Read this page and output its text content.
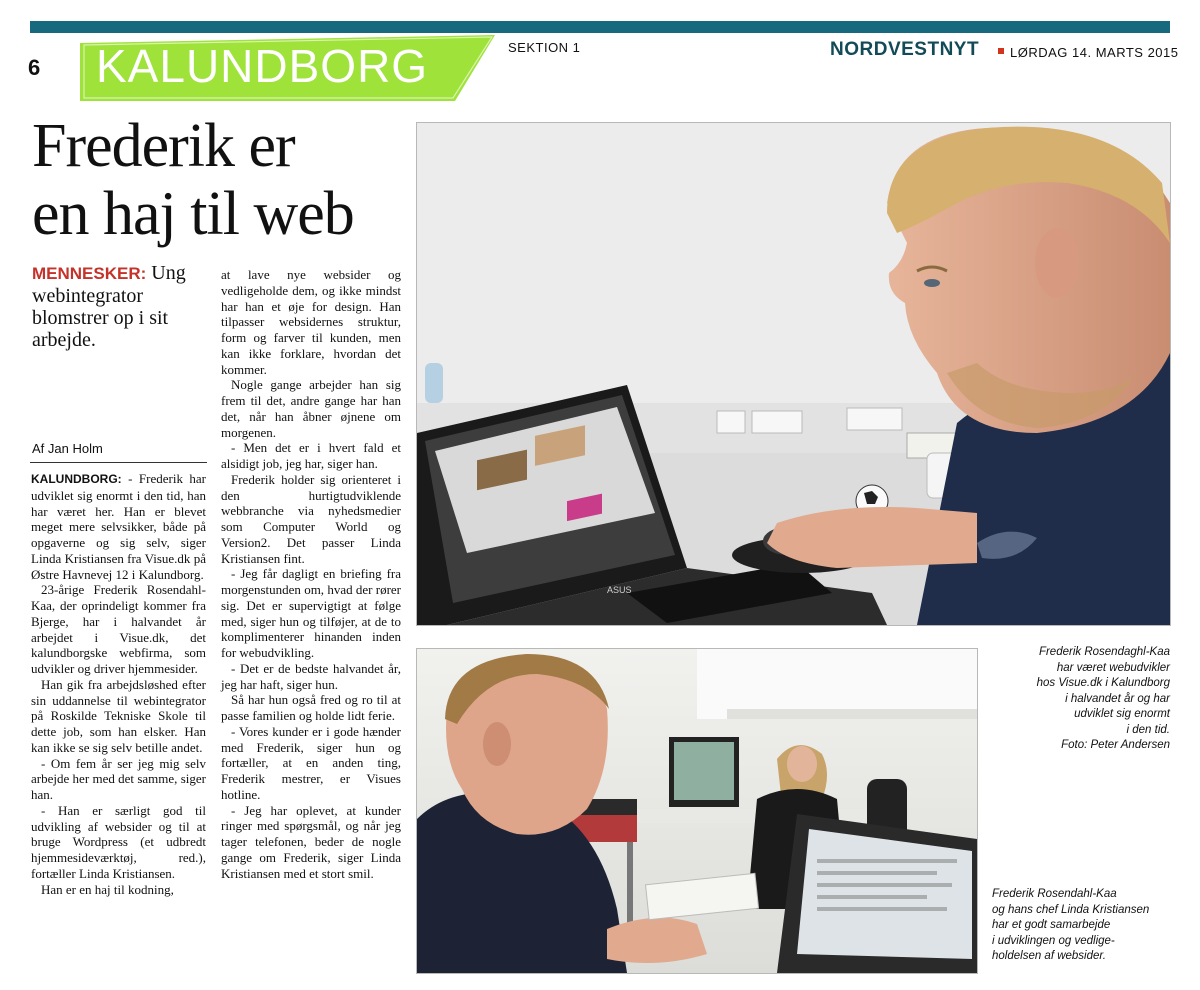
6 KALUNDBORG	SEKTION 1	NORDVESTNYT LØRDAG 14. MARTS 2015
Frederik er
en haj til web
MENNESKER: Ung webintegrator blomstrer op i sit arbejde.
Af Jan Holm

KALUNDBORG: - Frederik har udviklet sig enormt i den tid, han har været her. Han er blevet meget mere selvsikker, både på opgaverne og sig selv, siger Linda Kristiansen fra Visue.dk på Østre Havnevej 12 i Kalundborg.

23-årige Frederik Rosendahl-Kaa, der oprindeligt kommer fra Bjerge, har i halvandet år arbejdet i Visue.dk, det kalundborgske webfirma, som udvikler og driver hjemmesider.

Han gik fra arbejdsløshed efter sin uddannelse til webintegrator på Roskilde Tekniske Skole til dette job, som han elsker. Han kan ikke se sig selv betille andet.

- Om fem år ser jeg mig selv arbejde her med det samme, siger han.

- Han er særligt god til udvikling af websider og til at bruge Wordpress (et udbredt hjemmesideværktøj, red.), fortæller Linda Kristiansen.

Han er en haj til kodning,

at lave nye websider og vedligeholde dem, og ikke mindst har han et øje for design. Han tilpasser websidernes struktur, form og farver til kunden, men kan ikke forklare, hvordan det kommer.

Nogle gange arbejder han sig frem til det, andre gange har han det, når han åbner øjnene om morgenen.

- Men det er i hvert fald et alsidigt job, jeg har, siger han.

Frederik holder sig orienteret i den hurtigtudviklende webbranche via nyhedsmedier som Computer World og Version2. Det passer Linda Kristiansen fint.

- Jeg får dagligt en briefing fra morgenstunden om, hvad der rører sig. Det er supervigtigt at følge med, siger hun og tilføjer, at de to komplimenterer hinanden inden for webudvikling.

- Det er de bedste halvandet år, jeg har haft, siger hun.

Så har hun også fred og ro til at passe familien og holde lidt ferie.

- Vores kunder er i gode hænder med Frederik, siger hun og fortæller, at en anden ting, Frederik mestrer, er Visues hotline.

- Jeg har oplevet, at kunder ringer med spørgsmål, og når jeg tager telefonen, beder de nogle gange om Frederik, siger Linda Kristiansen med et stort smil.

ASUS
Frederik Rosendaghl-Kaa
har været webudvikler
hos Visue.dk i Kalundborg
i halvandet år og har
udviklet sig enormt
i den tid.
Foto: Peter Andersen
Frederik Rosendahl-Kaa
og hans chef Linda Kristiansen
har et godt samarbejde
i udviklingen og vedlige-
holdelsen af websider.
